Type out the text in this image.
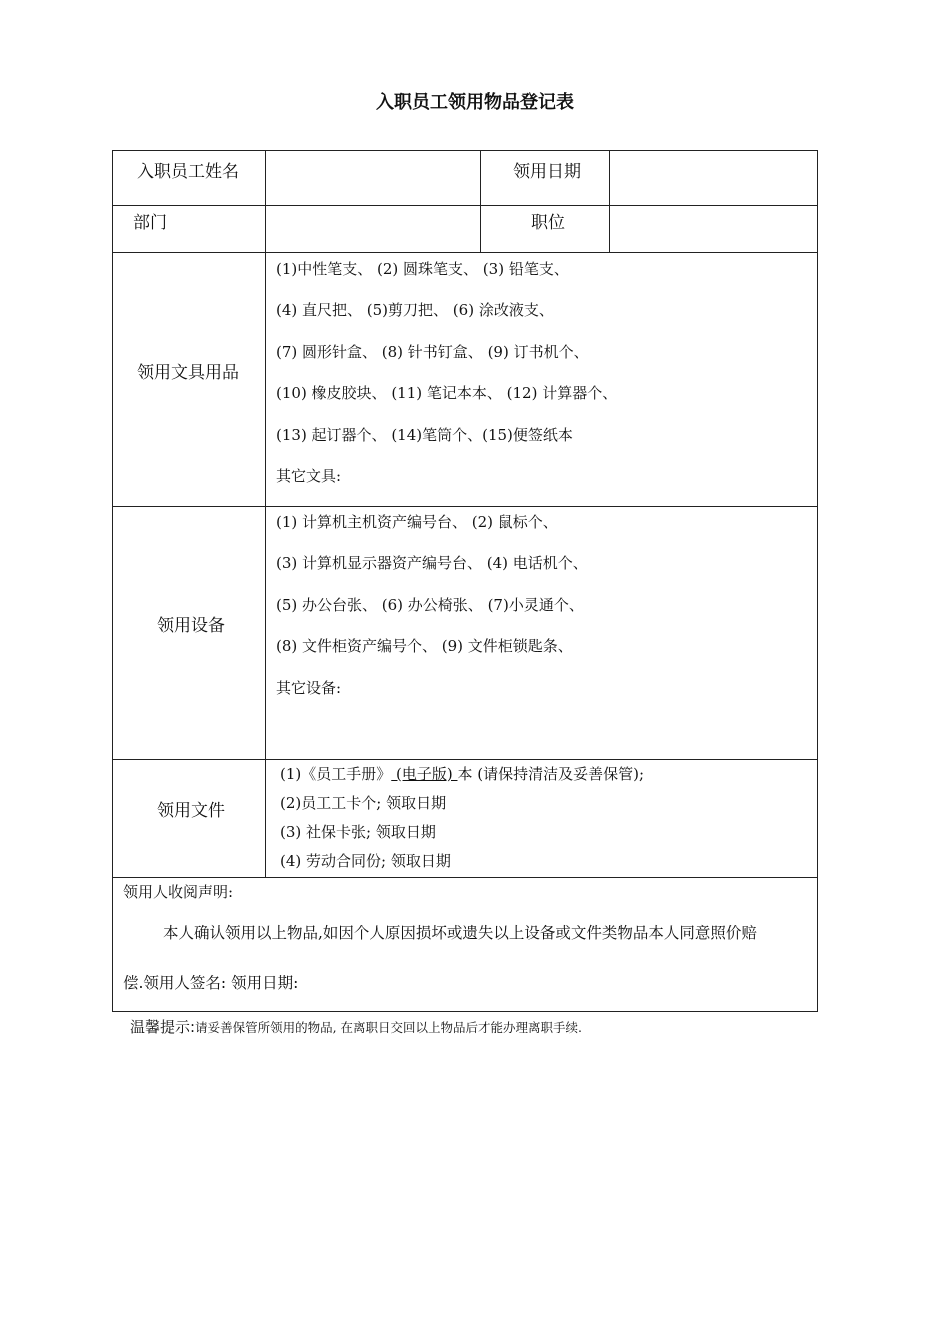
入职员工领用物品登记表
入职员工姓名	领用日期
部门	职位
领用文具用品
(1)中性笔支、 (2) 圆珠笔支、 (3) 铅笔支、
(4) 直尺把、 (5)剪刀把、 (6) 涂改液支、
(7) 圆形针盒、 (8) 针书钉盒、 (9) 订书机个、
(10) 橡皮胶块、 (11) 笔记本本、 (12) 计算器个、
(13) 起订器个、 (14)笔筒个、(15)便签纸本
其它文具:
领用设备
(1) 计算机主机资产编号台、 (2) 鼠标个、
(3) 计算机显示器资产编号台、 (4) 电话机个、
(5) 办公台张、 (6) 办公椅张、 (7)小灵通个、
(8) 文件柜资产编号个、 (9) 文件柜锁匙条、
其它设备:
领用文件
(1)《员工手册》 (电子版) 本 (请保持清洁及妥善保管);
(2)员工工卡个; 领取日期
(3) 社保卡张; 领取日期
(4) 劳动合同份; 领取日期
领用人收阅声明:
本人确认领用以上物品,如因个人原因损坏或遗失以上设备或文件类物品本人同意照价赔
偿.领用人签名: 领用日期:
温馨提示:请妥善保管所领用的物品, 在离职日交回以上物品后才能办理离职手续.
